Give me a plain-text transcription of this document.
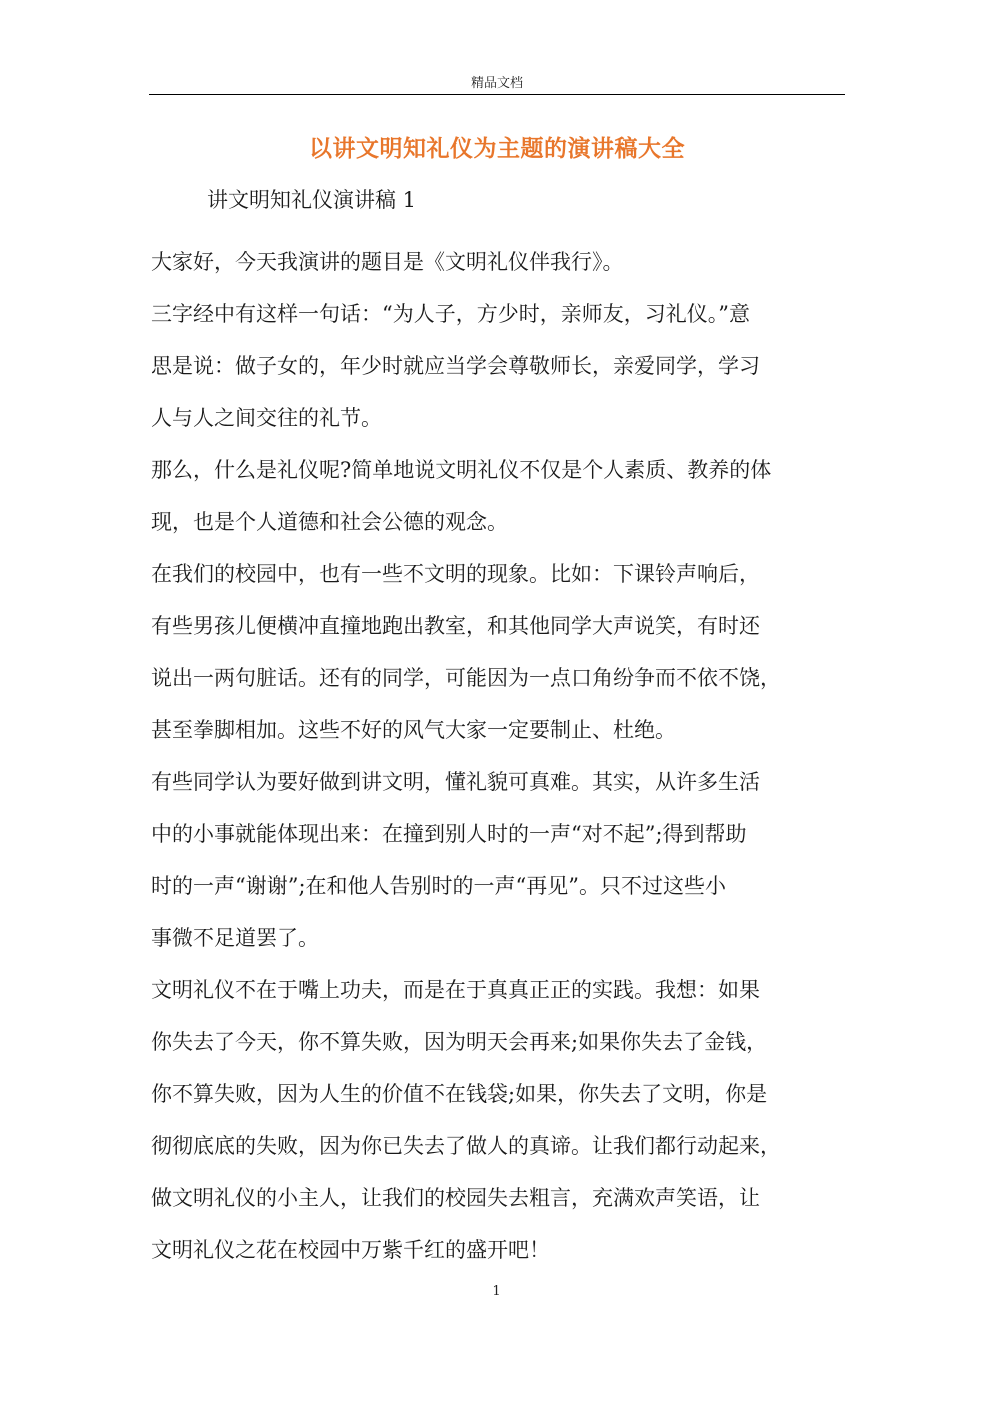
精品文档
以讲文明知礼仪为主题的演讲稿大全
讲文明知礼仪演讲稿 1

大家好，今天我演讲的题目是《文明礼仪伴我行》。

三字经中有这样一句话：“为人子，方少时，亲师友，习礼仪。”意
思是说：做子女的，年少时就应当学会尊敬师长，亲爱同学，学习
人与人之间交往的礼节。

那么，什么是礼仪呢?简单地说文明礼仪不仅是个人素质、教养的体
现，也是个人道德和社会公德的观念。

在我们的校园中，也有一些不文明的现象。比如：下课铃声响后，
有些男孩儿便横冲直撞地跑出教室，和其他同学大声说笑，有时还
说出一两句脏话。还有的同学，可能因为一点口角纷争而不依不饶，
甚至拳脚相加。这些不好的风气大家一定要制止、杜绝。

有些同学认为要好做到讲文明，懂礼貌可真难。其实，从许多生活
中的小事就能体现出来：在撞到别人时的一声“对不起”;得到帮助
时的一声“谢谢”;在和他人告别时的一声“再见”。只不过这些小
事微不足道罢了。

文明礼仪不在于嘴上功夫，而是在于真真正正的实践。我想：如果
你失去了今天，你不算失败，因为明天会再来;如果你失去了金钱，
你不算失败，因为人生的价值不在钱袋;如果，你失去了文明，你是
彻彻底底的失败，因为你已失去了做人的真谛。让我们都行动起来，
做文明礼仪的小主人，让我们的校园失去粗言，充满欢声笑语，让
文明礼仪之花在校园中万紫千红的盛开吧！

1
